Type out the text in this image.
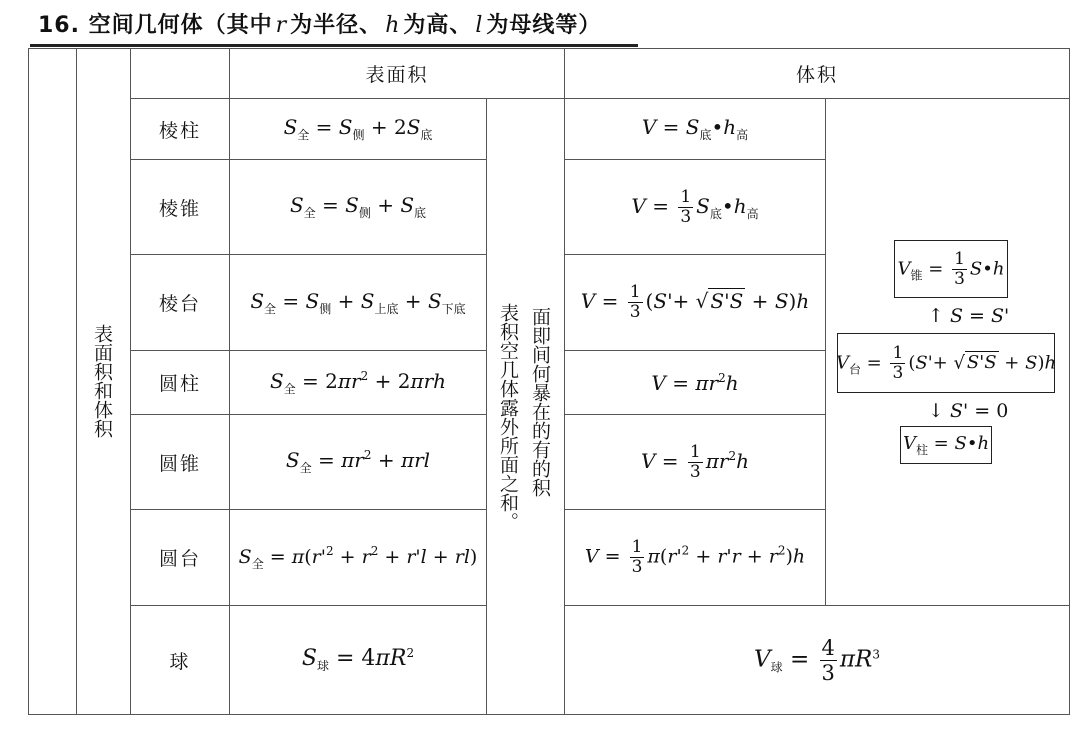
16. 空间几何体（其中 r 为半径、 h 为高、 l 为母线等）
表面积	体积
表面积和体积	面即间何暴在的有的积
表积空几体露外所面之和。
棱柱
棱锥
棱台
圆柱
圆锥
圆台
球
$S_全 = S_侧 + 2S_底$
$S_全 = S_侧 + S_底$
$S_全 = S_侧 + S_{上底} + S_{下底}$
$S_全 = 2\pi r^2 + 2\pi rh$
$S_全 = \pi r^2 + \pi rl$
$S_全 = \pi(r'^2 + r^2 + r'l + rl)$
$S_球 = 4\pi R^2$
$V = S_底•h_高$
$V = \frac{1}{3}$ $S_底•h_高$
$V = \frac{1}{3} (S'+$ √ S'S + S)h
$V = \pi r^2h$
$V = \frac{1}{3} \pi r^2h$
$V = \frac{1}{3} \pi(r'^2 + r'r + r^2)h$
$V_球 = \frac{4}{3} \pi R^3$
$V_锥 = \frac{1}{3}$ S•h
↑ S = S'
$V_台 = \frac{1}{3} (S'+$ √ S'S + S)h
↓ S' = 0
$V_柱$ = S•h
